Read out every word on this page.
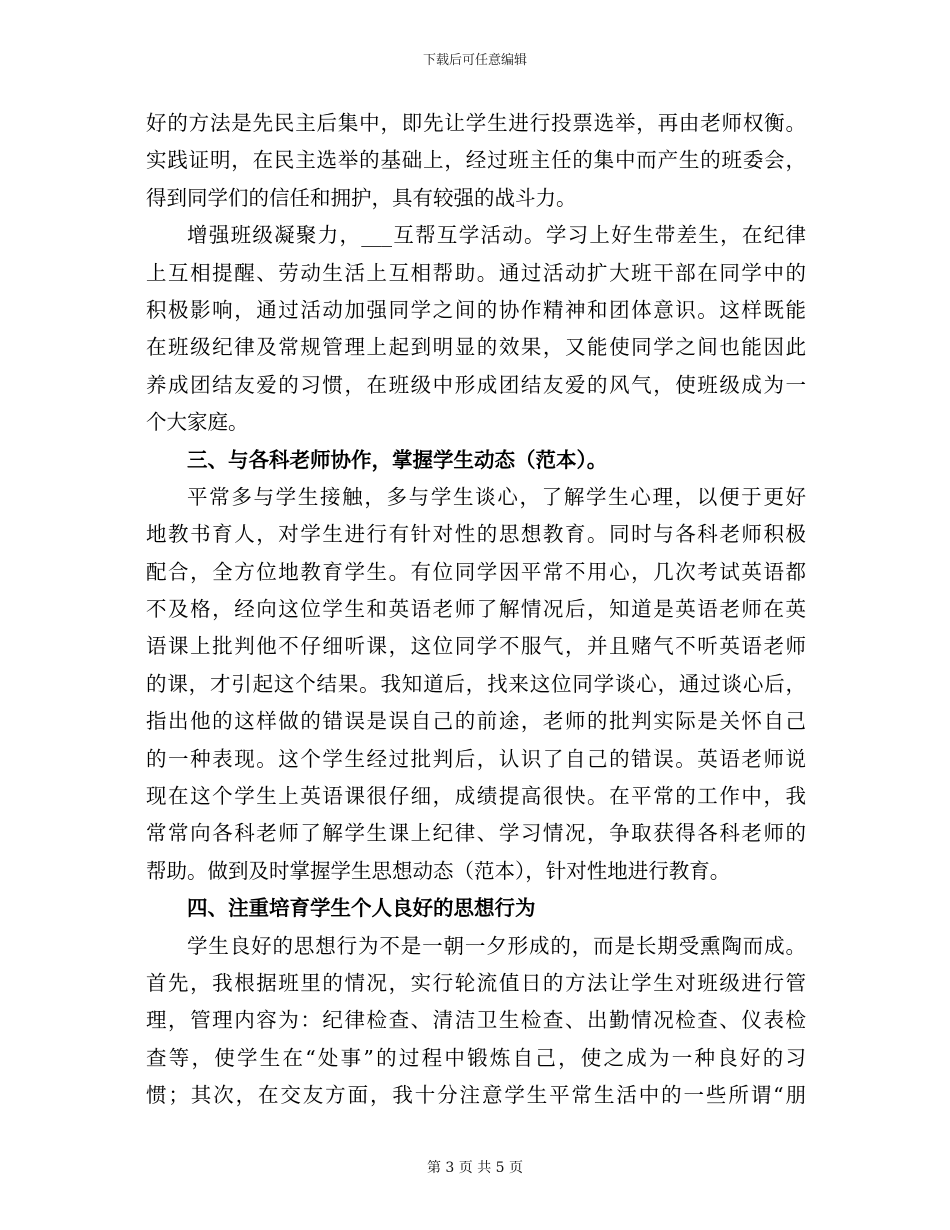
下载后可任意编辑
好的方法是先民主后集中，即先让学生进行投票选举，再由老师权衡。
实践证明，在民主选举的基础上，经过班主任的集中而产生的班委会，
得到同学们的信任和拥护，具有较强的战斗力。
增强班级凝聚力，___互帮互学活动。学习上好生带差生，在纪律
上互相提醒、劳动生活上互相帮助。通过活动扩大班干部在同学中的
积极影响，通过活动加强同学之间的协作精神和团体意识。这样既能
在班级纪律及常规管理上起到明显的效果，又能使同学之间也能因此
养成团结友爱的习惯，在班级中形成团结友爱的风气，使班级成为一
个大家庭。
三、与各科老师协作，掌握学生动态（范本）。
平常多与学生接触，多与学生谈心，了解学生心理，以便于更好
地教书育人，对学生进行有针对性的思想教育。同时与各科老师积极
配合，全方位地教育学生。有位同学因平常不用心，几次考试英语都
不及格，经向这位学生和英语老师了解情况后，知道是英语老师在英
语课上批判他不仔细听课，这位同学不服气，并且赌气不听英语老师
的课，才引起这个结果。我知道后，找来这位同学谈心，通过谈心后，
指出他的这样做的错误是误自己的前途，老师的批判实际是关怀自己
的一种表现。这个学生经过批判后，认识了自己的错误。英语老师说
现在这个学生上英语课很仔细，成绩提高很快。在平常的工作中，我
常常向各科老师了解学生课上纪律、学习情况，争取获得各科老师的
帮助。做到及时掌握学生思想动态（范本），针对性地进行教育。
四、注重培育学生个人良好的思想行为
学生良好的思想行为不是一朝一夕形成的，而是长期受熏陶而成。
首先，我根据班里的情况，实行轮流值日的方法让学生对班级进行管
理，管理内容为：纪律检查、清洁卫生检查、出勤情况检查、仪表检
查等，使学生在“处事”的过程中锻炼自己，使之成为一种良好的习
惯；其次，在交友方面，我十分注意学生平常生活中的一些所谓“朋
第 3 页 共 5 页
